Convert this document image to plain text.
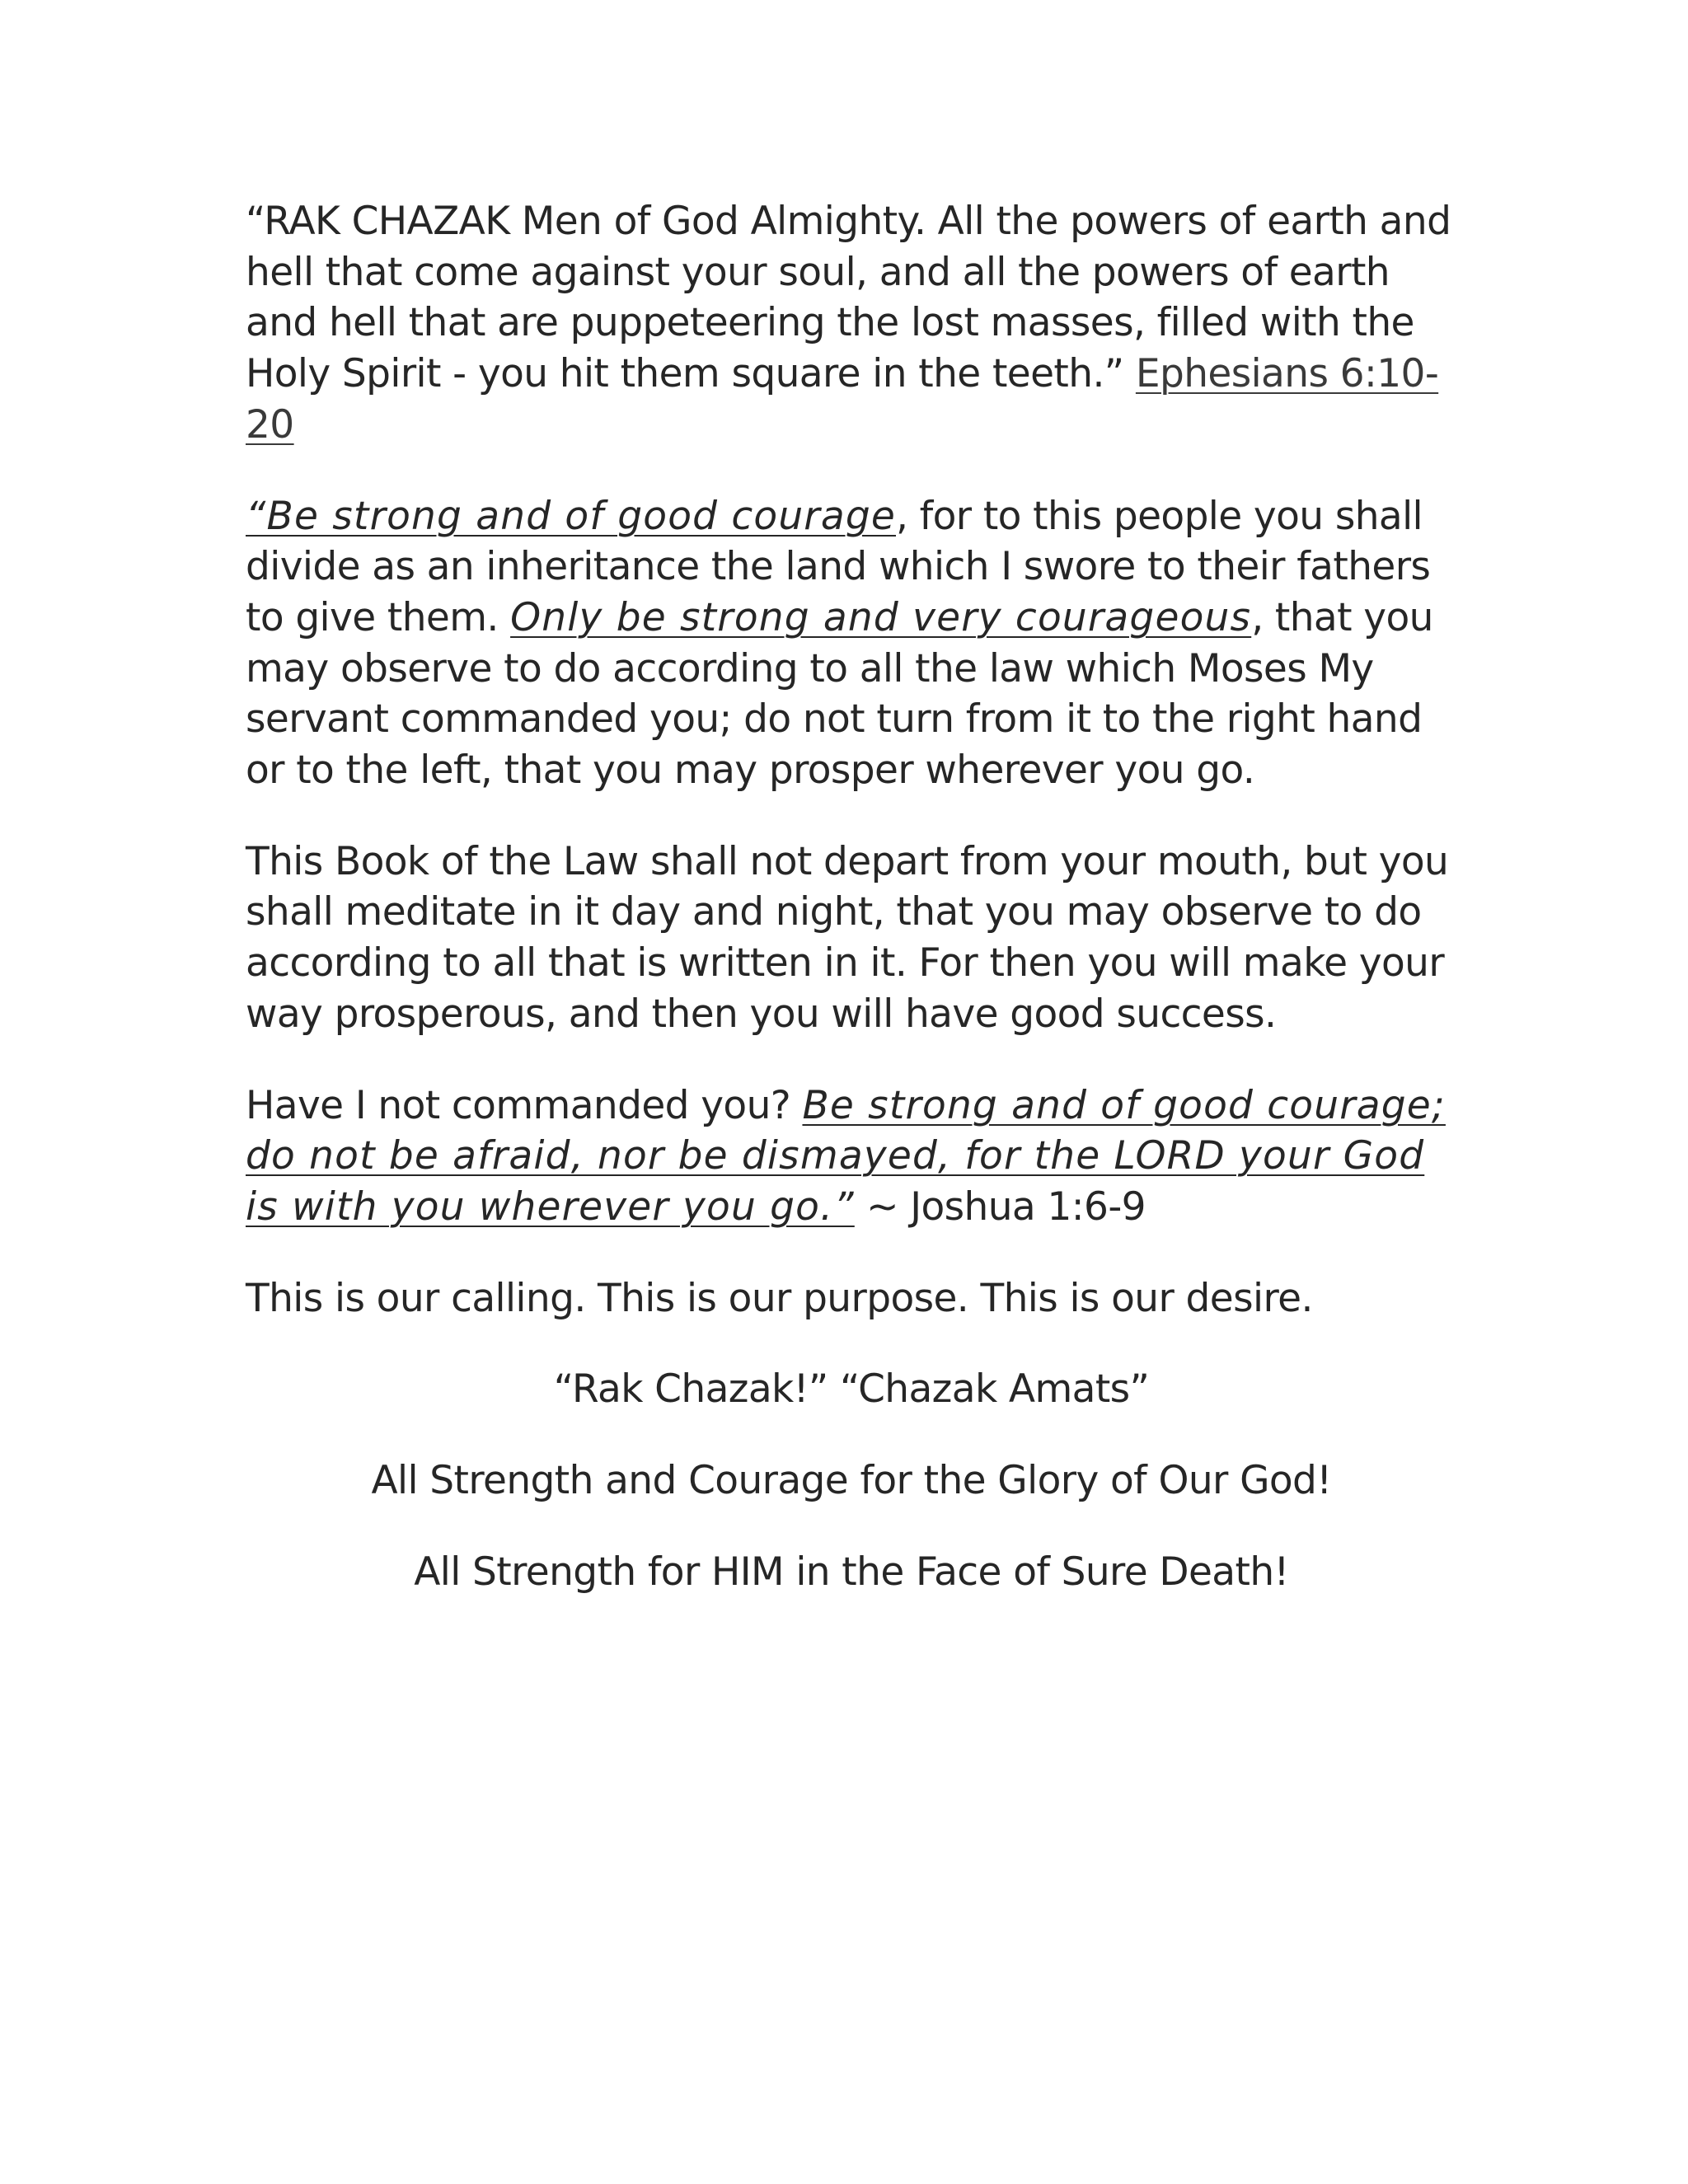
“RAK CHAZAK Men of God Almighty. All the powers of earth and hell that come against your soul, and all the powers of earth and hell that are puppeteering the lost masses, filled with the Holy Spirit - you hit them square in the teeth.” Ephesians 6:10-20

“Be strong and of good courage, for to this people you shall divide as an inheritance the land which I swore to their fathers to give them. Only be strong and very courageous, that you may observe to do according to all the law which Moses My servant commanded you; do not turn from it to the right hand or to the left, that you may prosper wherever you go.

This Book of the Law shall not depart from your mouth, but you shall meditate in it day and night, that you may observe to do according to all that is written in it. For then you will make your way prosperous, and then you will have good success.

Have I not commanded you? Be strong and of good courage; do not be afraid, nor be dismayed, for the LORD your God is with you wherever you go.” ~ Joshua 1:6-9

This is our calling. This is our purpose. This is our desire.

“Rak Chazak!” “Chazak Amats”

All Strength and Courage for the Glory of Our God!

All Strength for HIM in the Face of Sure Death!
